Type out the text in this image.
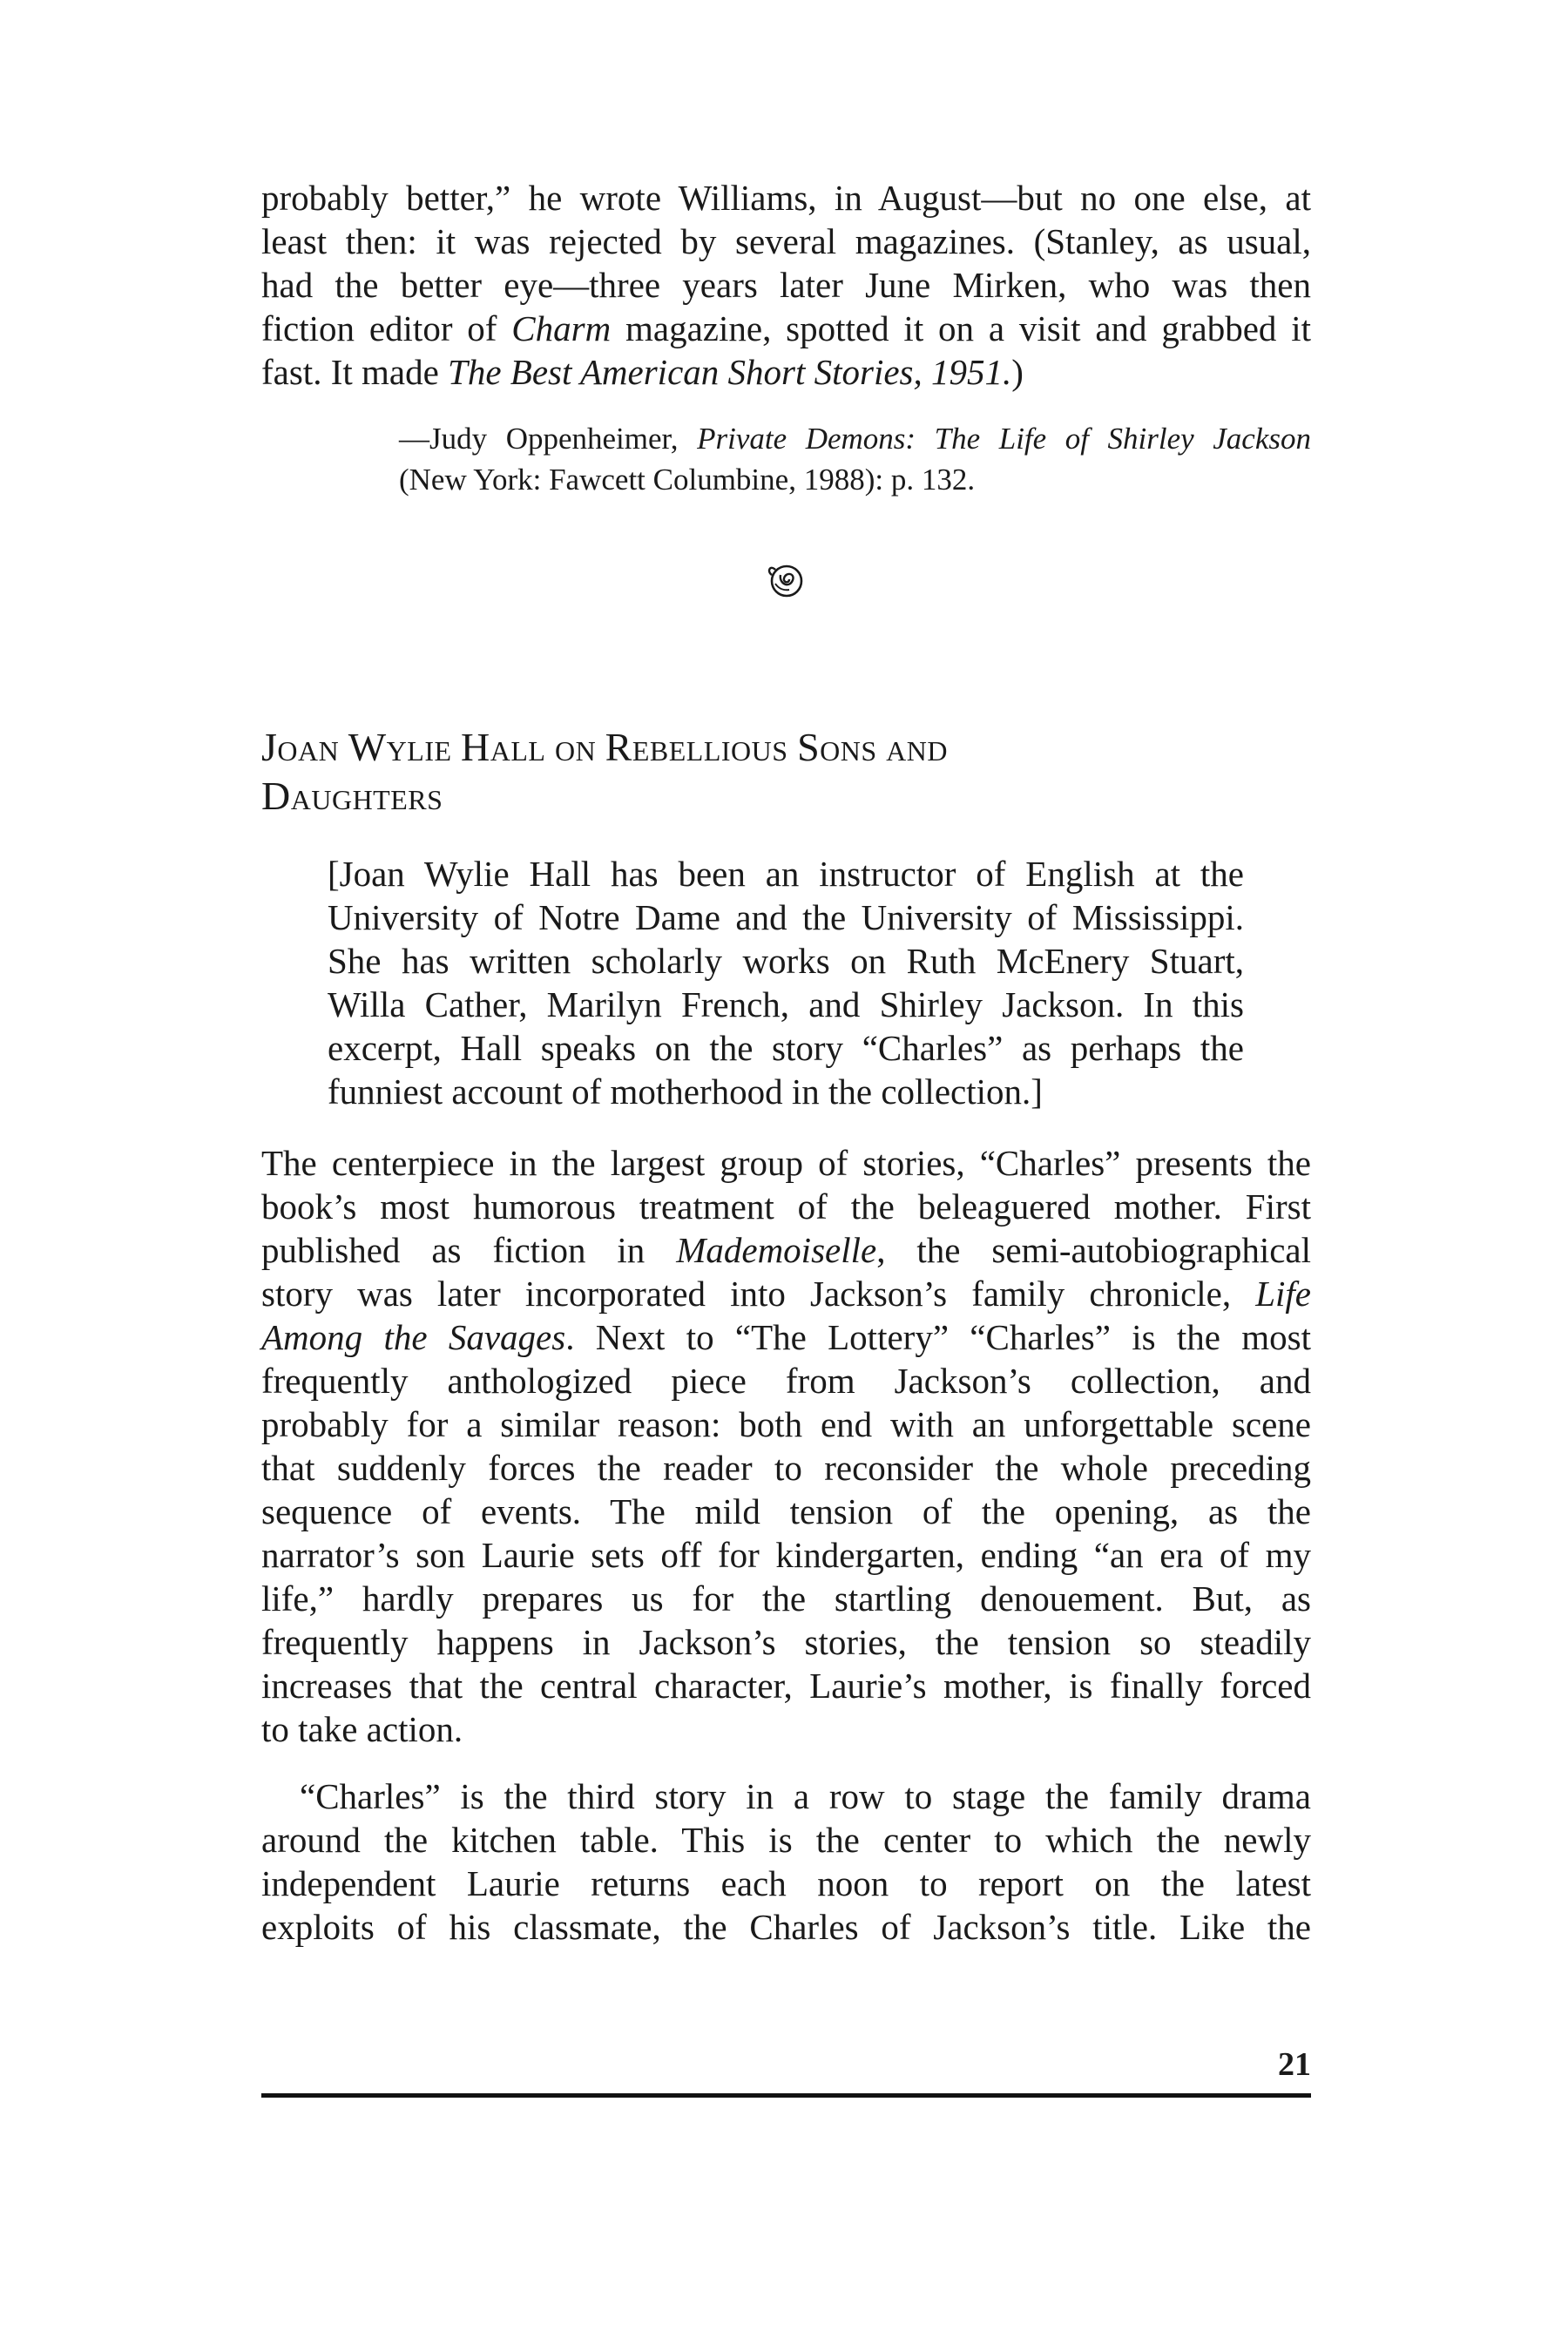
probably better,” he wrote Williams, in August—but no one else, at
least then: it was rejected by several magazines. (Stanley, as usual,
had the better eye—three years later June Mirken, who was then
fiction editor of Charm magazine, spotted it on a visit and grabbed it
fast. It made The Best American Short Stories, 1951.)
—Judy Oppenheimer, Private Demons: The Life of Shirley Jackson
(New York: Fawcett Columbine, 1988): p. 132.
JOAN WYLIE HALL ON REBELLIOUS SONS AND
DAUGHTERS
[Joan Wylie Hall has been an instructor of English at the
University of Notre Dame and the University of Mississippi.
She has written scholarly works on Ruth McEnery Stuart,
Willa Cather, Marilyn French, and Shirley Jackson. In this
excerpt, Hall speaks on the story “Charles” as perhaps the
funniest account of motherhood in the collection.]
The centerpiece in the largest group of stories, “Charles” presents the
book’s most humorous treatment of the beleaguered mother. First
published as fiction in Mademoiselle, the semi-autobiographical
story was later incorporated into Jackson’s family chronicle, Life
Among the Savages. Next to “The Lottery” “Charles” is the most
frequently anthologized piece from Jackson’s collection, and
probably for a similar reason: both end with an unforgettable scene
that suddenly forces the reader to reconsider the whole preceding
sequence of events. The mild tension of the opening, as the
narrator’s son Laurie sets off for kindergarten, ending “an era of my
life,” hardly prepares us for the startling denouement. But, as
frequently happens in Jackson’s stories, the tension so steadily
increases that the central character, Laurie’s mother, is finally forced
to take action.
“Charles” is the third story in a row to stage the family drama
around the kitchen table. This is the center to which the newly
independent Laurie returns each noon to report on the latest
exploits of his classmate, the Charles of Jackson’s title. Like the
21
